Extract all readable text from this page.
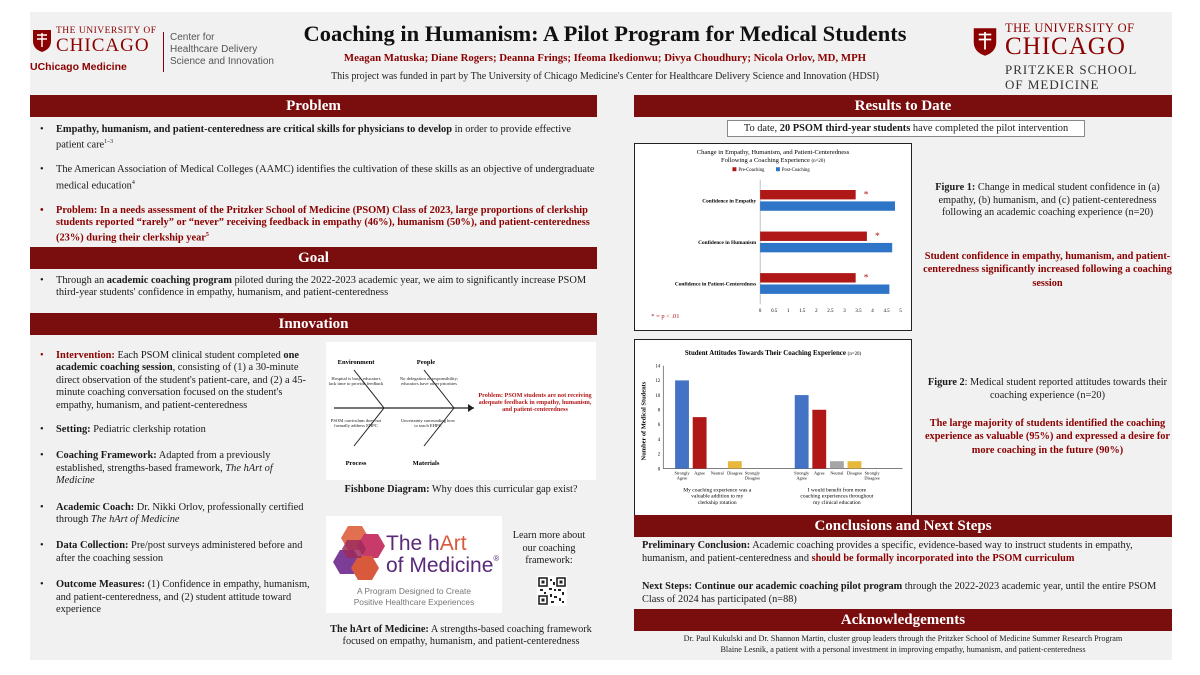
THE UNIVERSITY OF
CHICAGO
UChicago Medicine
Center for
Healthcare Delivery
Science and Innovation
Coaching in Humanism: A Pilot Program for Medical Students
Meagan Matuska; Diane Rogers; Deanna Frings; Ifeoma Ikedionwu; Divya Choudhury; Nicola Orlov, MD, MPH
This project was funded in part by The University of Chicago Medicine's Center for Healthcare Delivery Science and Innovation (HDSI)
THE UNIVERSITY OF
CHICAGO
PRITZKER SCHOOL
OF MEDICINE
Problem
• Empathy, humanism, and patient-centeredness are critical skills for physicians to develop in order to provide effective patient care$^{1-3}$
• The American Association of Medical Colleges (AAMC) identifies the cultivation of these skills as an objective of undergraduate medical education$^4$
• Problem: In a needs assessment of the Pritzker School of Medicine (PSOM) Class of 2023, large proportions of clerkship students reported “rarely” or “never” receiving feedback in empathy (46%), humanism (50%), and patient-centeredness (23%) during their clerkship year$^5$
Goal
• Through an academic coaching program piloted during the 2022-2023 academic year, we aim to significantly increase PSOM third-year students' confidence in empathy, humanism, and patient-centeredness
Innovation
• Intervention: Each PSOM clinical student completed one academic coaching session, consisting of (1) a 30-minute direct observation of the student's patient-care, and (2) a 45-minute coaching conversation focused on the student's empathy, humanism, and patient-centeredness
• Setting: Pediatric clerkship rotation
• Coaching Framework: Adapted from a previously established, strengths-based framework, The hArt of Medicine
• Academic Coach: Dr. Nikki Orlov, professionally certified through The hArt of Medicine
• Data Collection: Pre/post surveys administered before and after the coaching session
• Outcome Measures: (1) Confidence in empathy, humanism, and patient-centeredness, and (2) student attitude toward experience
Environment	People
Process	Materials
Hospital is busy, educators lack time to provide feedback
No delegation of responsibility; educators have other priorities
PSOM curriculum does not formally address EHPC
Uncertainty surrounding how to teach EHPC
Problem: PSOM students are not receiving adequate feedback in empathy, humanism, and patient-centeredness
Fishbone Diagram: Why does this curricular gap exist?
The hArt
of Medicine®
A Program Designed to Create
Positive Healthcare Experiences
Learn more about
our coaching
framework:
The hArt of Medicine: A strengths-based coaching framework focused on empathy, humanism, and patient-centeredness
Results to Date
To date, 20 PSOM third-year students have completed the pilot intervention
Change in Empathy, Humanism, and Patient-Centeredness
Following a Coaching Experience (n=20)
Pre-Coaching	Post-Coaching
0 0.5 1 1.5 2 2.5 3 3.5 4 4.5 5
Confidence in Empathy
Confidence in Humanism
Confidence in Patient-Centeredness
*
*
*
* = p < .01
Figure 1: Change in medical student confidence in (a) empathy, (b) humanism, and (c) patient-centeredness following an academic coaching experience (n=20)
Student confidence in empathy, humanism, and patient-centeredness significantly increased following a coaching session
Student Attitudes Towards Their Coaching Experience (n=20)
Number of Medical Students
0
2
4
6
8
10
12
14
Strongly
Agree
Agree Neutral Disagree Strongly
Disagree
My coaching experience was a
valuable addition to my
clerkship rotation
Strongly
Agree
Agree Neutral Disagree Strongly
Disagree
I would benefit from more
coaching experiences throughout
my clinical education
Figure 2: Medical student reported attitudes towards their coaching experience (n=20)
The large majority of students identified the coaching experience as valuable (95%) and expressed a desire for more coaching in the future (90%)
Conclusions and Next Steps
Preliminary Conclusion: Academic coaching provides a specific, evidence-based way to instruct students in empathy, humanism, and patient-centeredness and should be formally incorporated into the PSOM curriculum
Next Steps: Continue our academic coaching pilot program through the 2022-2023 academic year, until the entire PSOM Class of 2024 has participated (n=88)
Acknowledgements
Dr. Paul Kukulski and Dr. Shannon Martin, cluster group leaders through the Pritzker School of Medicine Summer Research Program
Blaine Lesnik, a patient with a personal investment in improving empathy, humanism, and patient-centeredness
